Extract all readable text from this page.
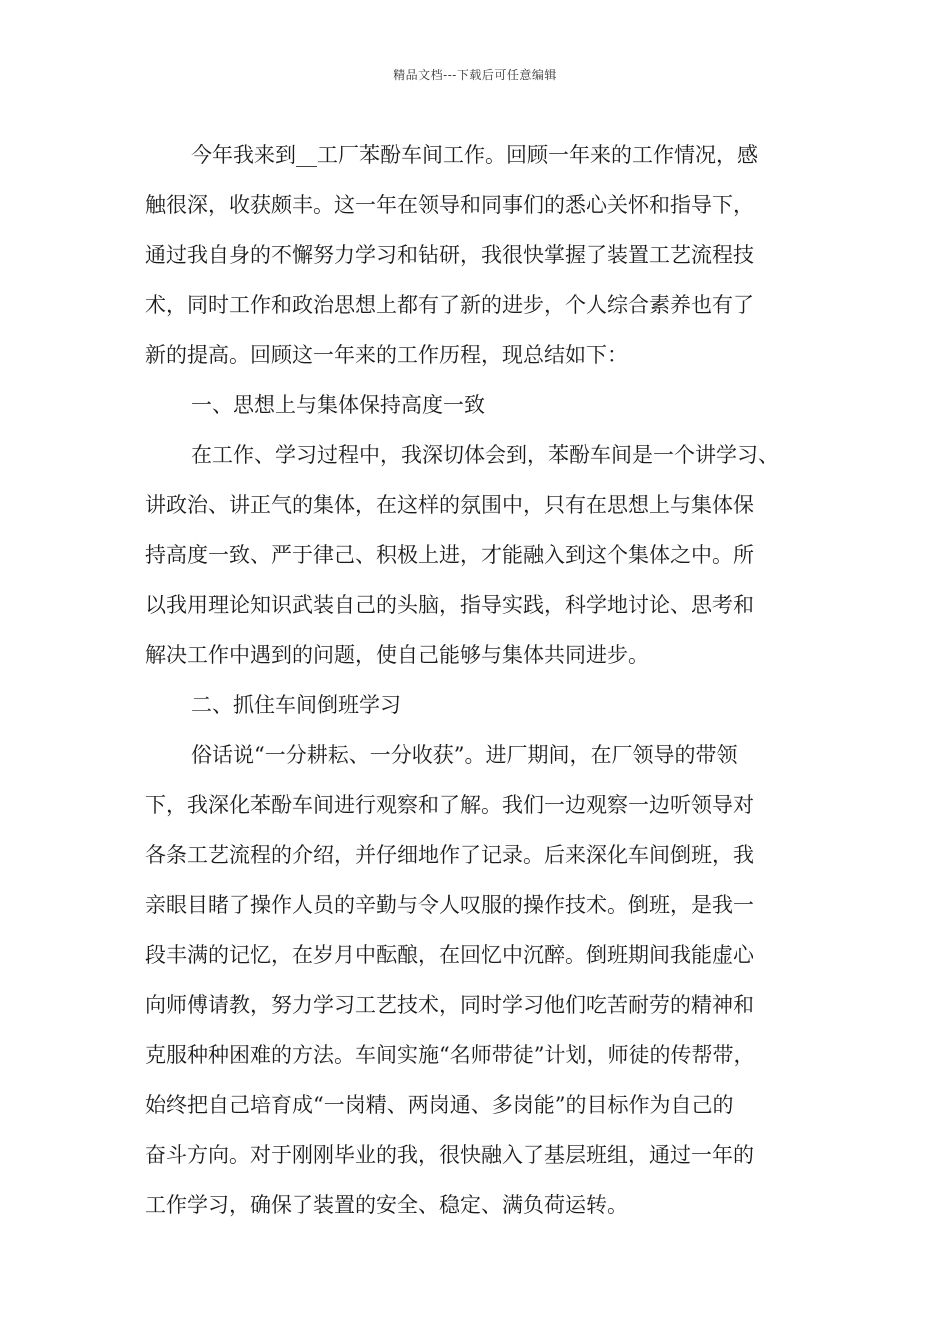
精品文档---下载后可任意编辑
今年我来到__工厂苯酚车间工作。回顾一年来的工作情况，感
触很深，收获颇丰。这一年在领导和同事们的悉心关怀和指导下，
通过我自身的不懈努力学习和钻研，我很快掌握了装置工艺流程技
术，同时工作和政治思想上都有了新的进步，个人综合素养也有了
新的提高。回顾这一年来的工作历程，现总结如下：
一、思想上与集体保持高度一致
在工作、学习过程中，我深切体会到，苯酚车间是一个讲学习、
讲政治、讲正气的集体，在这样的氛围中，只有在思想上与集体保
持高度一致、严于律己、积极上进，才能融入到这个集体之中。所
以我用理论知识武装自己的头脑，指导实践，科学地讨论、思考和
解决工作中遇到的问题，使自己能够与集体共同进步。
二、抓住车间倒班学习
俗话说“一分耕耘、一分收获”。进厂期间，在厂领导的带领
下，我深化苯酚车间进行观察和了解。我们一边观察一边听领导对
各条工艺流程的介绍，并仔细地作了记录。后来深化车间倒班，我
亲眼目睹了操作人员的辛勤与令人叹服的操作技术。倒班，是我一
段丰满的记忆，在岁月中酝酿，在回忆中沉醉。倒班期间我能虚心
向师傅请教，努力学习工艺技术，同时学习他们吃苦耐劳的精神和
克服种种困难的方法。车间实施“名师带徒”计划，师徒的传帮带，
始终把自己培育成“一岗精、两岗通、多岗能”的目标作为自己的
奋斗方向。对于刚刚毕业的我，很快融入了基层班组，通过一年的
工作学习，确保了装置的安全、稳定、满负荷运转。
